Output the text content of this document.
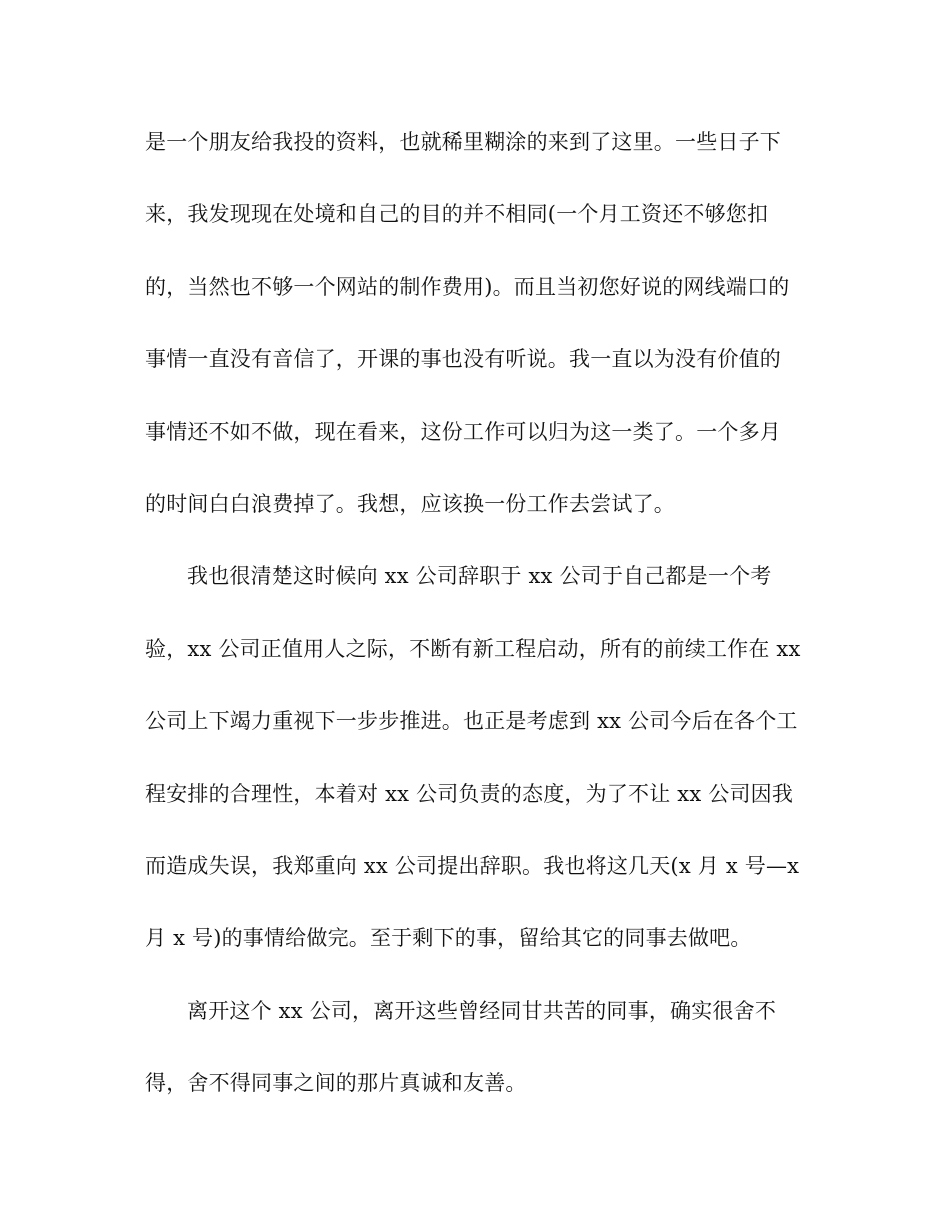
是一个朋友给我投的资料，也就稀里糊涂的来到了这里。一些日子下
来，我发现现在处境和自己的目的并不相同(一个月工资还不够您扣
的，当然也不够一个网站的制作费用)。而且当初您好说的网线端口的
事情一直没有音信了，开课的事也没有听说。我一直以为没有价值的
事情还不如不做，现在看来，这份工作可以归为这一类了。一个多月
的时间白白浪费掉了。我想，应该换一份工作去尝试了。
我也很清楚这时候向 xx 公司辞职于 xx 公司于自己都是一个考
验，xx 公司正值用人之际，不断有新工程启动，所有的前续工作在 xx
公司上下竭力重视下一步步推进。也正是考虑到 xx 公司今后在各个工
程安排的合理性，本着对 xx 公司负责的态度，为了不让 xx 公司因我
而造成失误，我郑重向 xx 公司提出辞职。我也将这几天(x 月 x 号—x
月 x 号)的事情给做完。至于剩下的事，留给其它的同事去做吧。
离开这个 xx 公司，离开这些曾经同甘共苦的同事，确实很舍不
得，舍不得同事之间的那片真诚和友善。
